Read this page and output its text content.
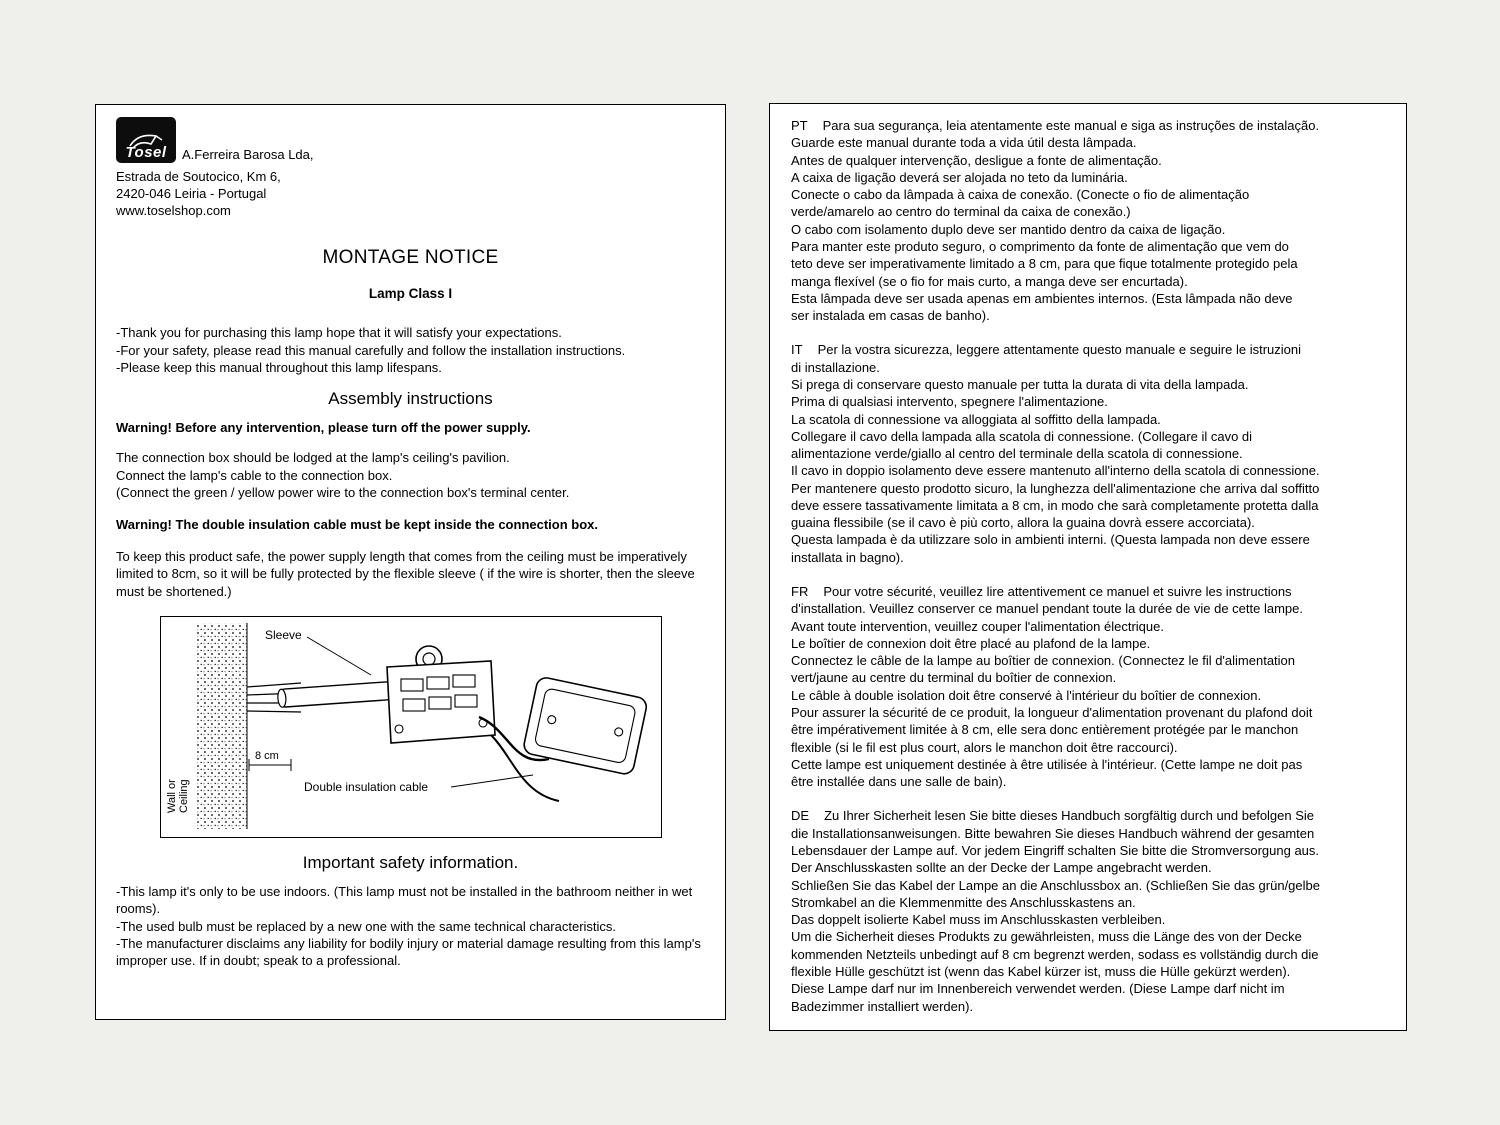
Tosel A.Ferreira Barosa Lda,
Estrada de Soutocico, Km 6,
2420-046 Leiria - Portugal
www.toselshop.com
MONTAGE NOTICE
Lamp Class I

-Thank you for purchasing this lamp hope that it will satisfy your expectations.
-For your safety, please read this manual carefully and follow the installation instructions.
-Please keep this manual throughout this lamp lifespans.

Assembly instructions

Warning! Before any intervention, please turn off the power supply.

The connection box should be lodged at the lamp's ceiling's pavilion.
Connect the lamp's cable to the connection box.
(Connect the green / yellow power wire to the connection box's terminal center.

Warning! The double insulation cable must be kept inside the connection box.

To keep this product safe, the power supply length that comes from the ceiling must be imperatively limited to 8cm, so it will be fully protected by the flexible sleeve ( if the wire is shorter, then the sleeve must be shortened.)

Wall or Ceiling
Sleeve
8 cm
Double insulation cable
Important safety information.

-This lamp it's only to be use indoors. (This lamp must not be installed in the bathroom neither in wet rooms).
-The used bulb must be replaced by a new one with the same technical characteristics.
-The manufacturer disclaims any liability for bodily injury or material damage resulting from this lamp's improper use. If in doubt; speak to a professional.

PT Para sua segurança, leia atentamente este manual e siga as instruções de instalação.
Guarde este manual durante toda a vida útil desta lâmpada.
Antes de qualquer intervenção, desligue a fonte de alimentação.
A caixa de ligação deverá ser alojada no teto da luminária.
Conecte o cabo da lâmpada à caixa de conexão. (Conecte o fio de alimentação
verde/amarelo ao centro do terminal da caixa de conexão.)
O cabo com isolamento duplo deve ser mantido dentro da caixa de ligação.
Para manter este produto seguro, o comprimento da fonte de alimentação que vem do
teto deve ser imperativamente limitado a 8 cm, para que fique totalmente protegido pela
manga flexível (se o fio for mais curto, a manga deve ser encurtada).
Esta lâmpada deve ser usada apenas em ambientes internos. (Esta lâmpada não deve
ser instalada em casas de banho).

IT Per la vostra sicurezza, leggere attentamente questo manuale e seguire le istruzioni
di installazione.
Si prega di conservare questo manuale per tutta la durata di vita della lampada.
Prima di qualsiasi intervento, spegnere l'alimentazione.
La scatola di connessione va alloggiata al soffitto della lampada.
Collegare il cavo della lampada alla scatola di connessione. (Collegare il cavo di
alimentazione verde/giallo al centro del terminale della scatola di connessione.
Il cavo in doppio isolamento deve essere mantenuto all'interno della scatola di connessione.
Per mantenere questo prodotto sicuro, la lunghezza dell'alimentazione che arriva dal soffitto
deve essere tassativamente limitata a 8 cm, in modo che sarà completamente protetta dalla
guaina flessibile (se il cavo è più corto, allora la guaina dovrà essere accorciata).
Questa lampada è da utilizzare solo in ambienti interni. (Questa lampada non deve essere
installata in bagno).

FR Pour votre sécurité, veuillez lire attentivement ce manuel et suivre les instructions
d'installation. Veuillez conserver ce manuel pendant toute la durée de vie de cette lampe.
Avant toute intervention, veuillez couper l'alimentation électrique.
Le boîtier de connexion doit être placé au plafond de la lampe.
Connectez le câble de la lampe au boîtier de connexion. (Connectez le fil d'alimentation
vert/jaune au centre du terminal du boîtier de connexion.
Le câble à double isolation doit être conservé à l'intérieur du boîtier de connexion.
Pour assurer la sécurité de ce produit, la longueur d'alimentation provenant du plafond doit
être impérativement limitée à 8 cm, elle sera donc entièrement protégée par le manchon
flexible (si le fil est plus court, alors le manchon doit être raccourci).
Cette lampe est uniquement destinée à être utilisée à l'intérieur. (Cette lampe ne doit pas
être installée dans une salle de bain).

DE Zu Ihrer Sicherheit lesen Sie bitte dieses Handbuch sorgfältig durch und befolgen Sie
die Installationsanweisungen. Bitte bewahren Sie dieses Handbuch während der gesamten
Lebensdauer der Lampe auf. Vor jedem Eingriff schalten Sie bitte die Stromversorgung aus.
Der Anschlusskasten sollte an der Decke der Lampe angebracht werden.
Schließen Sie das Kabel der Lampe an die Anschlussbox an. (Schließen Sie das grün/gelbe
Stromkabel an die Klemmenmitte des Anschlusskastens an.
Das doppelt isolierte Kabel muss im Anschlusskasten verbleiben.
Um die Sicherheit dieses Produkts zu gewährleisten, muss die Länge des von der Decke
kommenden Netzteils unbedingt auf 8 cm begrenzt werden, sodass es vollständig durch die
flexible Hülle geschützt ist (wenn das Kabel kürzer ist, muss die Hülle gekürzt werden).
Diese Lampe darf nur im Innenbereich verwendet werden. (Diese Lampe darf nicht im
Badezimmer installiert werden).
